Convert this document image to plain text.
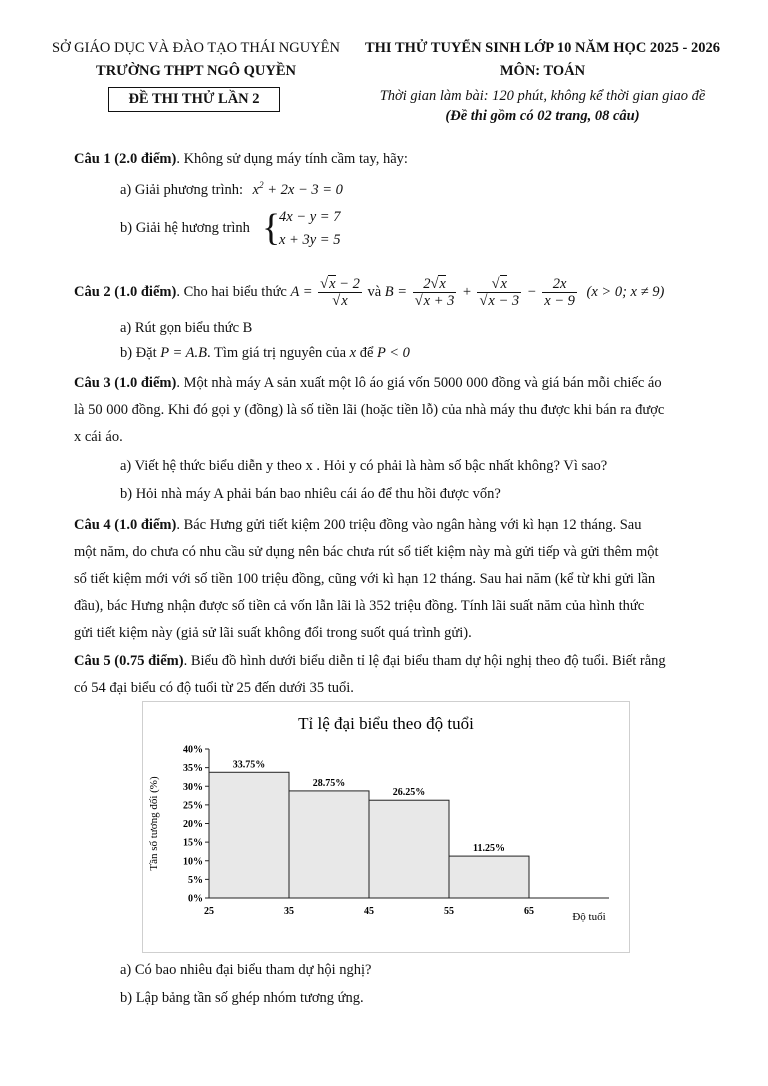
SỞ GIÁO DỤC VÀ ĐÀO TẠO THÁI NGUYÊN
TRƯỜNG THPT NGÔ QUYỀN
ĐỀ THI THỬ LẦN 2
THI THỬ TUYỂN SINH LỚP 10 NĂM HỌC 2025 - 2026
MÔN: TOÁN
Thời gian làm bài: 120 phút, không kể thời gian giao đề
(Đề thi gồm có 02 trang, 08 câu)
Câu 1 (2.0 điểm). Không sử dụng máy tính cầm tay, hãy:
a) Giải phương trình: $x^2 + 2x - 3 = 0$
b) Giải hệ hương trình {
4x − y = 7
x + 3y = 5
Câu 2 (1.0 điểm). Cho hai biểu thức $A = \frac{√x - 2}{√x}$ và $B = \frac{2√x}{√x + 3} + \frac{√x}{√x - 3} - \frac{2x}{x - 9} (x > 0$; x ≠ 9)
a) Rút gọn biểu thức B
b) Đặt P = A.B. Tìm giá trị nguyên của x để P < 0
Câu 3 (1.0 điểm). Một nhà máy A sản xuất một lô áo giá vốn 5000 000 đồng và giá bán mỗi chiếc áo
là 50 000 đồng. Khi đó gọi y (đồng) là số tiền lãi (hoặc tiền lỗ) của nhà máy thu được khi bán ra được
x cái áo.
a) Viết hệ thức biểu diễn y theo x . Hỏi y có phải là hàm số bậc nhất không? Vì sao?
b) Hỏi nhà máy A phải bán bao nhiêu cái áo để thu hồi được vốn?
Câu 4 (1.0 điểm). Bác Hưng gửi tiết kiệm 200 triệu đồng vào ngân hàng với kì hạn 12 tháng. Sau
một năm, do chưa có nhu cầu sử dụng nên bác chưa rút sổ tiết kiệm này mà gửi tiếp và gửi thêm một
sổ tiết kiệm mới với số tiền 100 triệu đồng, cũng với kì hạn 12 tháng. Sau hai năm (kể từ khi gửi lần
đầu), bác Hưng nhận được số tiền cả vốn lẫn lãi là 352 triệu đồng. Tính lãi suất năm của hình thức
gửi tiết kiệm này (giả sử lãi suất không đổi trong suốt quá trình gửi).
Câu 5 (0.75 điểm). Biểu đồ hình dưới biểu diễn tỉ lệ đại biểu tham dự hội nghị theo độ tuổi. Biết rằng
có 54 đại biểu có độ tuổi từ 25 đến dưới 35 tuổi.
Tỉ lệ đại biểu theo độ tuổi
0%
5%
10%
15%
20%
25%
30%
35%
40%
Tần số tương đối (%)
33.75%
28.75%
26.25%
11.25%
25	35	45	55	65	Độ tuổi
a) Có bao nhiêu đại biểu tham dự hội nghị?
b) Lập bảng tần số ghép nhóm tương ứng.
